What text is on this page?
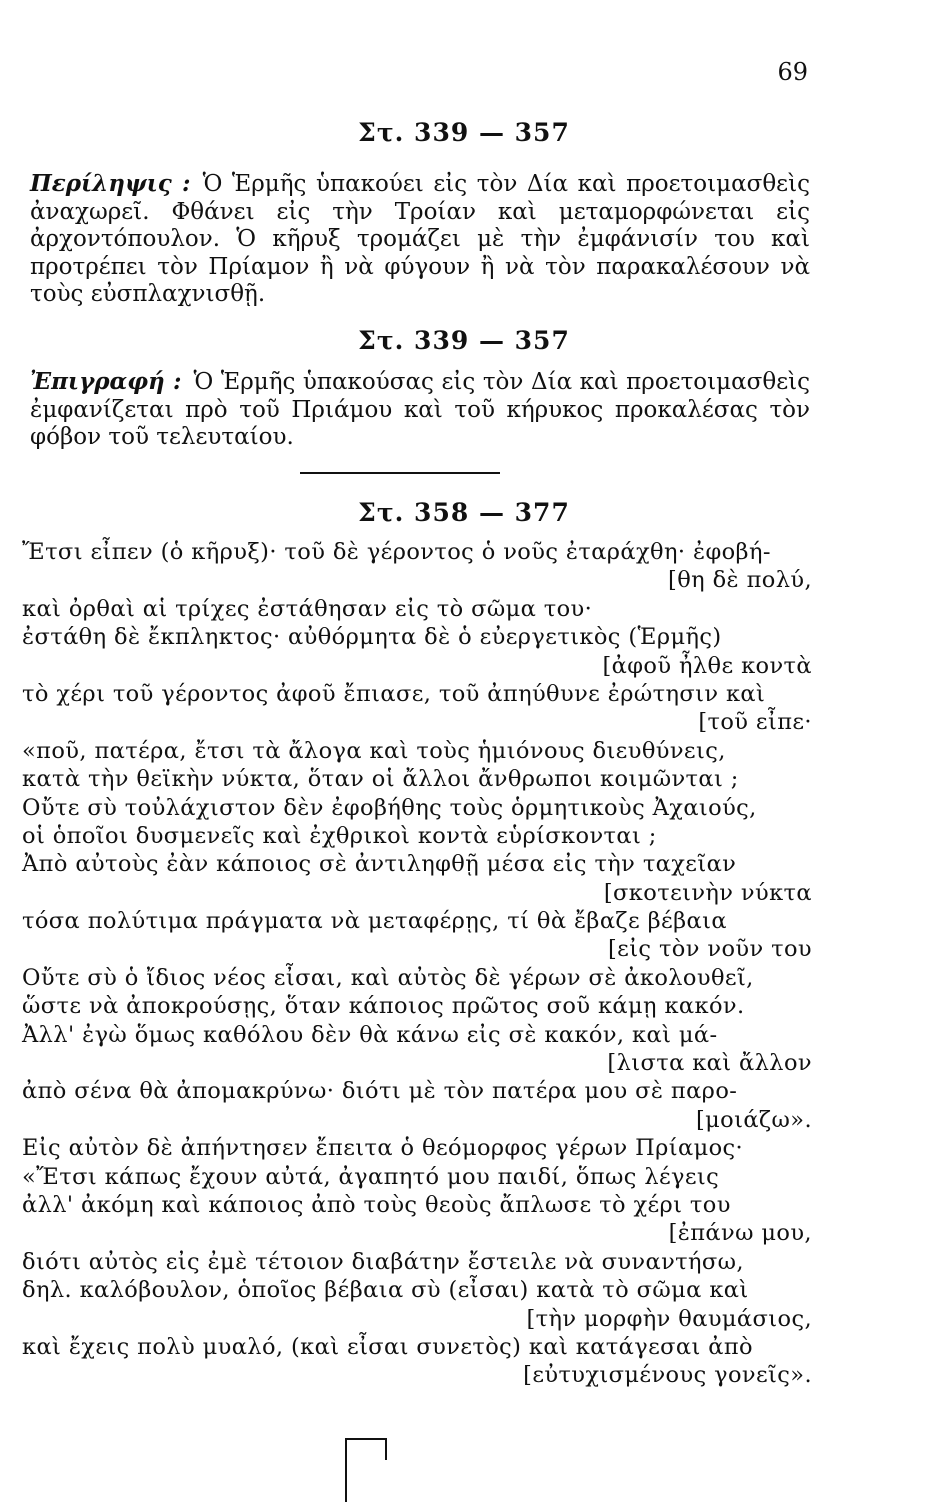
69
Στ. 339 — 357
Περίληψις : Ὁ Ἑρμῆς ὑπακούει εἰς τὸν Δία καὶ προετοιμασθεὶς ἀναχωρεῖ. Φθάνει εἰς τὴν Τροίαν καὶ μεταμορφώνεται εἰς ἀρχοντόπουλον. Ὁ κῆρυξ τρομάζει μὲ τὴν ἐμφάνισίν του καὶ προτρέπει τὸν Πρίαμον ἢ νὰ φύγουν ἢ νὰ τὸν παρακαλέσουν νὰ τοὺς εὐσπλαχνισθῇ.
Στ. 339 — 357
Ἐπιγραφή : Ὁ Ἑρμῆς ὑπακούσας εἰς τὸν Δία καὶ προετοιμασθεὶς ἐμφανίζεται πρὸ τοῦ Πριάμου καὶ τοῦ κήρυκος προκαλέσας τὸν φόβον τοῦ τελευταίου.
Στ. 358 — 377
Ἔτσι εἶπεν (ὁ κῆρυξ)· τοῦ δὲ γέροντος ὁ νοῦς ἐταράχθη· ἐφοβή-
[θη δὲ πολύ,
καὶ ὀρθαὶ αἱ τρίχες ἐστάθησαν εἰς τὸ σῶμα του·
ἐστάθη δὲ ἔκπληκτος· αὐθόρμητα δὲ ὁ εὐεργετικὸς (Ἑρμῆς)
[ἀφοῦ ἦλθε κοντὰ
τὸ χέρι τοῦ γέροντος ἀφοῦ ἔπιασε, τοῦ ἀπηύθυνε ἐρώτησιν καὶ
[τοῦ εἶπε·
«ποῦ, πατέρα, ἔτσι τὰ ἄλογα καὶ τοὺς ἡμιόνους διευθύνεις,
κατὰ τὴν θεϊκὴν νύκτα, ὅταν οἱ ἄλλοι ἄνθρωποι κοιμῶνται ;
Οὔτε σὺ τοὐλάχιστον δὲν ἐφοβήθης τοὺς ὁρμητικοὺς Ἀχαιούς,
οἱ ὁποῖοι δυσμενεῖς καὶ ἐχθρικοὶ κοντὰ εὑρίσκονται ;
Ἀπὸ αὐτοὺς ἐὰν κάποιος σὲ ἀντιληφθῇ μέσα εἰς τὴν ταχεῖαν
[σκοτεινὴν νύκτα
τόσα πολύτιμα πράγματα νὰ μεταφέρῃς, τί θὰ ἔβαζε βέβαια
[εἰς τὸν νοῦν του
Οὔτε σὺ ὁ ἴδιος νέος εἶσαι, καὶ αὐτὸς δὲ γέρων σὲ ἀκολουθεῖ,
ὥστε νὰ ἀποκρούσῃς, ὅταν κάποιος πρῶτος σοῦ κάμῃ κακόν.
Ἀλλ' ἐγὼ ὅμως καθόλου δὲν θὰ κάνω εἰς σὲ κακόν, καὶ μά-
[λιστα καὶ ἄλλον
ἀπὸ σένα θὰ ἀπομακρύνω· διότι μὲ τὸν πατέρα μου σὲ παρο-
[μοιάζω».
Εἰς αὐτὸν δὲ ἀπήντησεν ἔπειτα ὁ θεόμορφος γέρων Πρίαμος·
«Ἔτσι κάπως ἔχουν αὐτά, ἀγαπητό μου παιδί, ὅπως λέγεις
ἀλλ' ἀκόμη καὶ κάποιος ἀπὸ τοὺς θεοὺς ἄπλωσε τὸ χέρι του
[ἐπάνω μου,
διότι αὐτὸς εἰς ἐμὲ τέτοιον διαβάτην ἔστειλε νὰ συναντήσω,
δηλ. καλόβουλον, ὁποῖος βέβαια σὺ (εἶσαι) κατὰ τὸ σῶμα καὶ
[τὴν μορφὴν θαυμάσιος,
καὶ ἔχεις πολὺ μυαλό, (καὶ εἶσαι συνετὸς) καὶ κατάγεσαι ἀπὸ
[εὐτυχισμένους γονεῖς».
